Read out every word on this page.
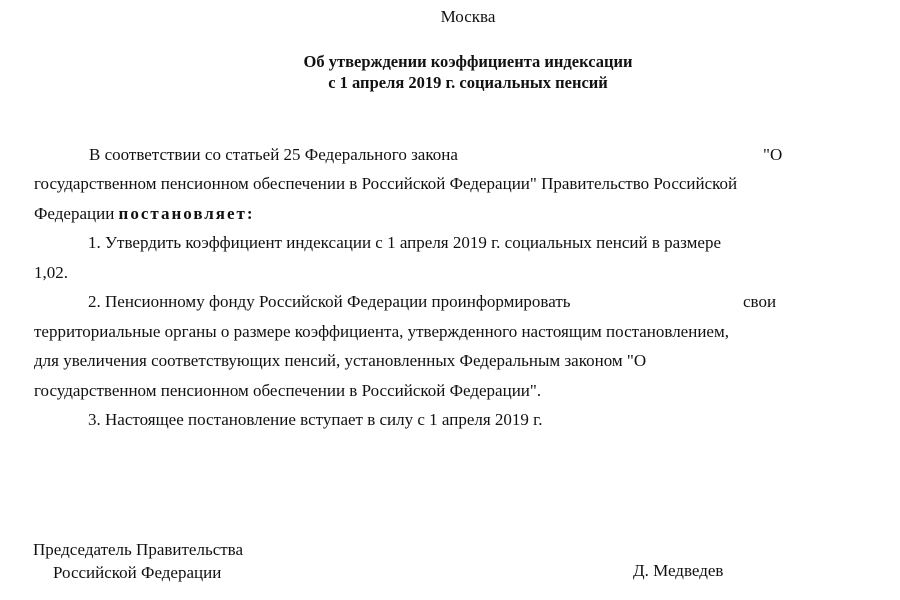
Москва
Об утверждении коэффициента индексации
с 1 апреля 2019 г. социальных пенсий
В соответствии со статьей 25 Федерального закона	"О
государственном пенсионном обеспечении в Российской Федерации" Правительство Российской
Федерации постановляет:
1. Утвердить коэффициент индексации с 1 апреля 2019 г. социальных пенсий в размере
1,02.
2. Пенсионному фонду Российской Федерации проинформировать	свои
территориальные органы о размере коэффициента, утвержденного настоящим постановлением,
для увеличения соответствующих пенсий, установленных Федеральным законом "О
государственном пенсионном обеспечении в Российской Федерации".
3. Настоящее постановление вступает в силу с 1 апреля 2019 г.
Председатель Правительства
Российской Федерации	Д. Медведев
